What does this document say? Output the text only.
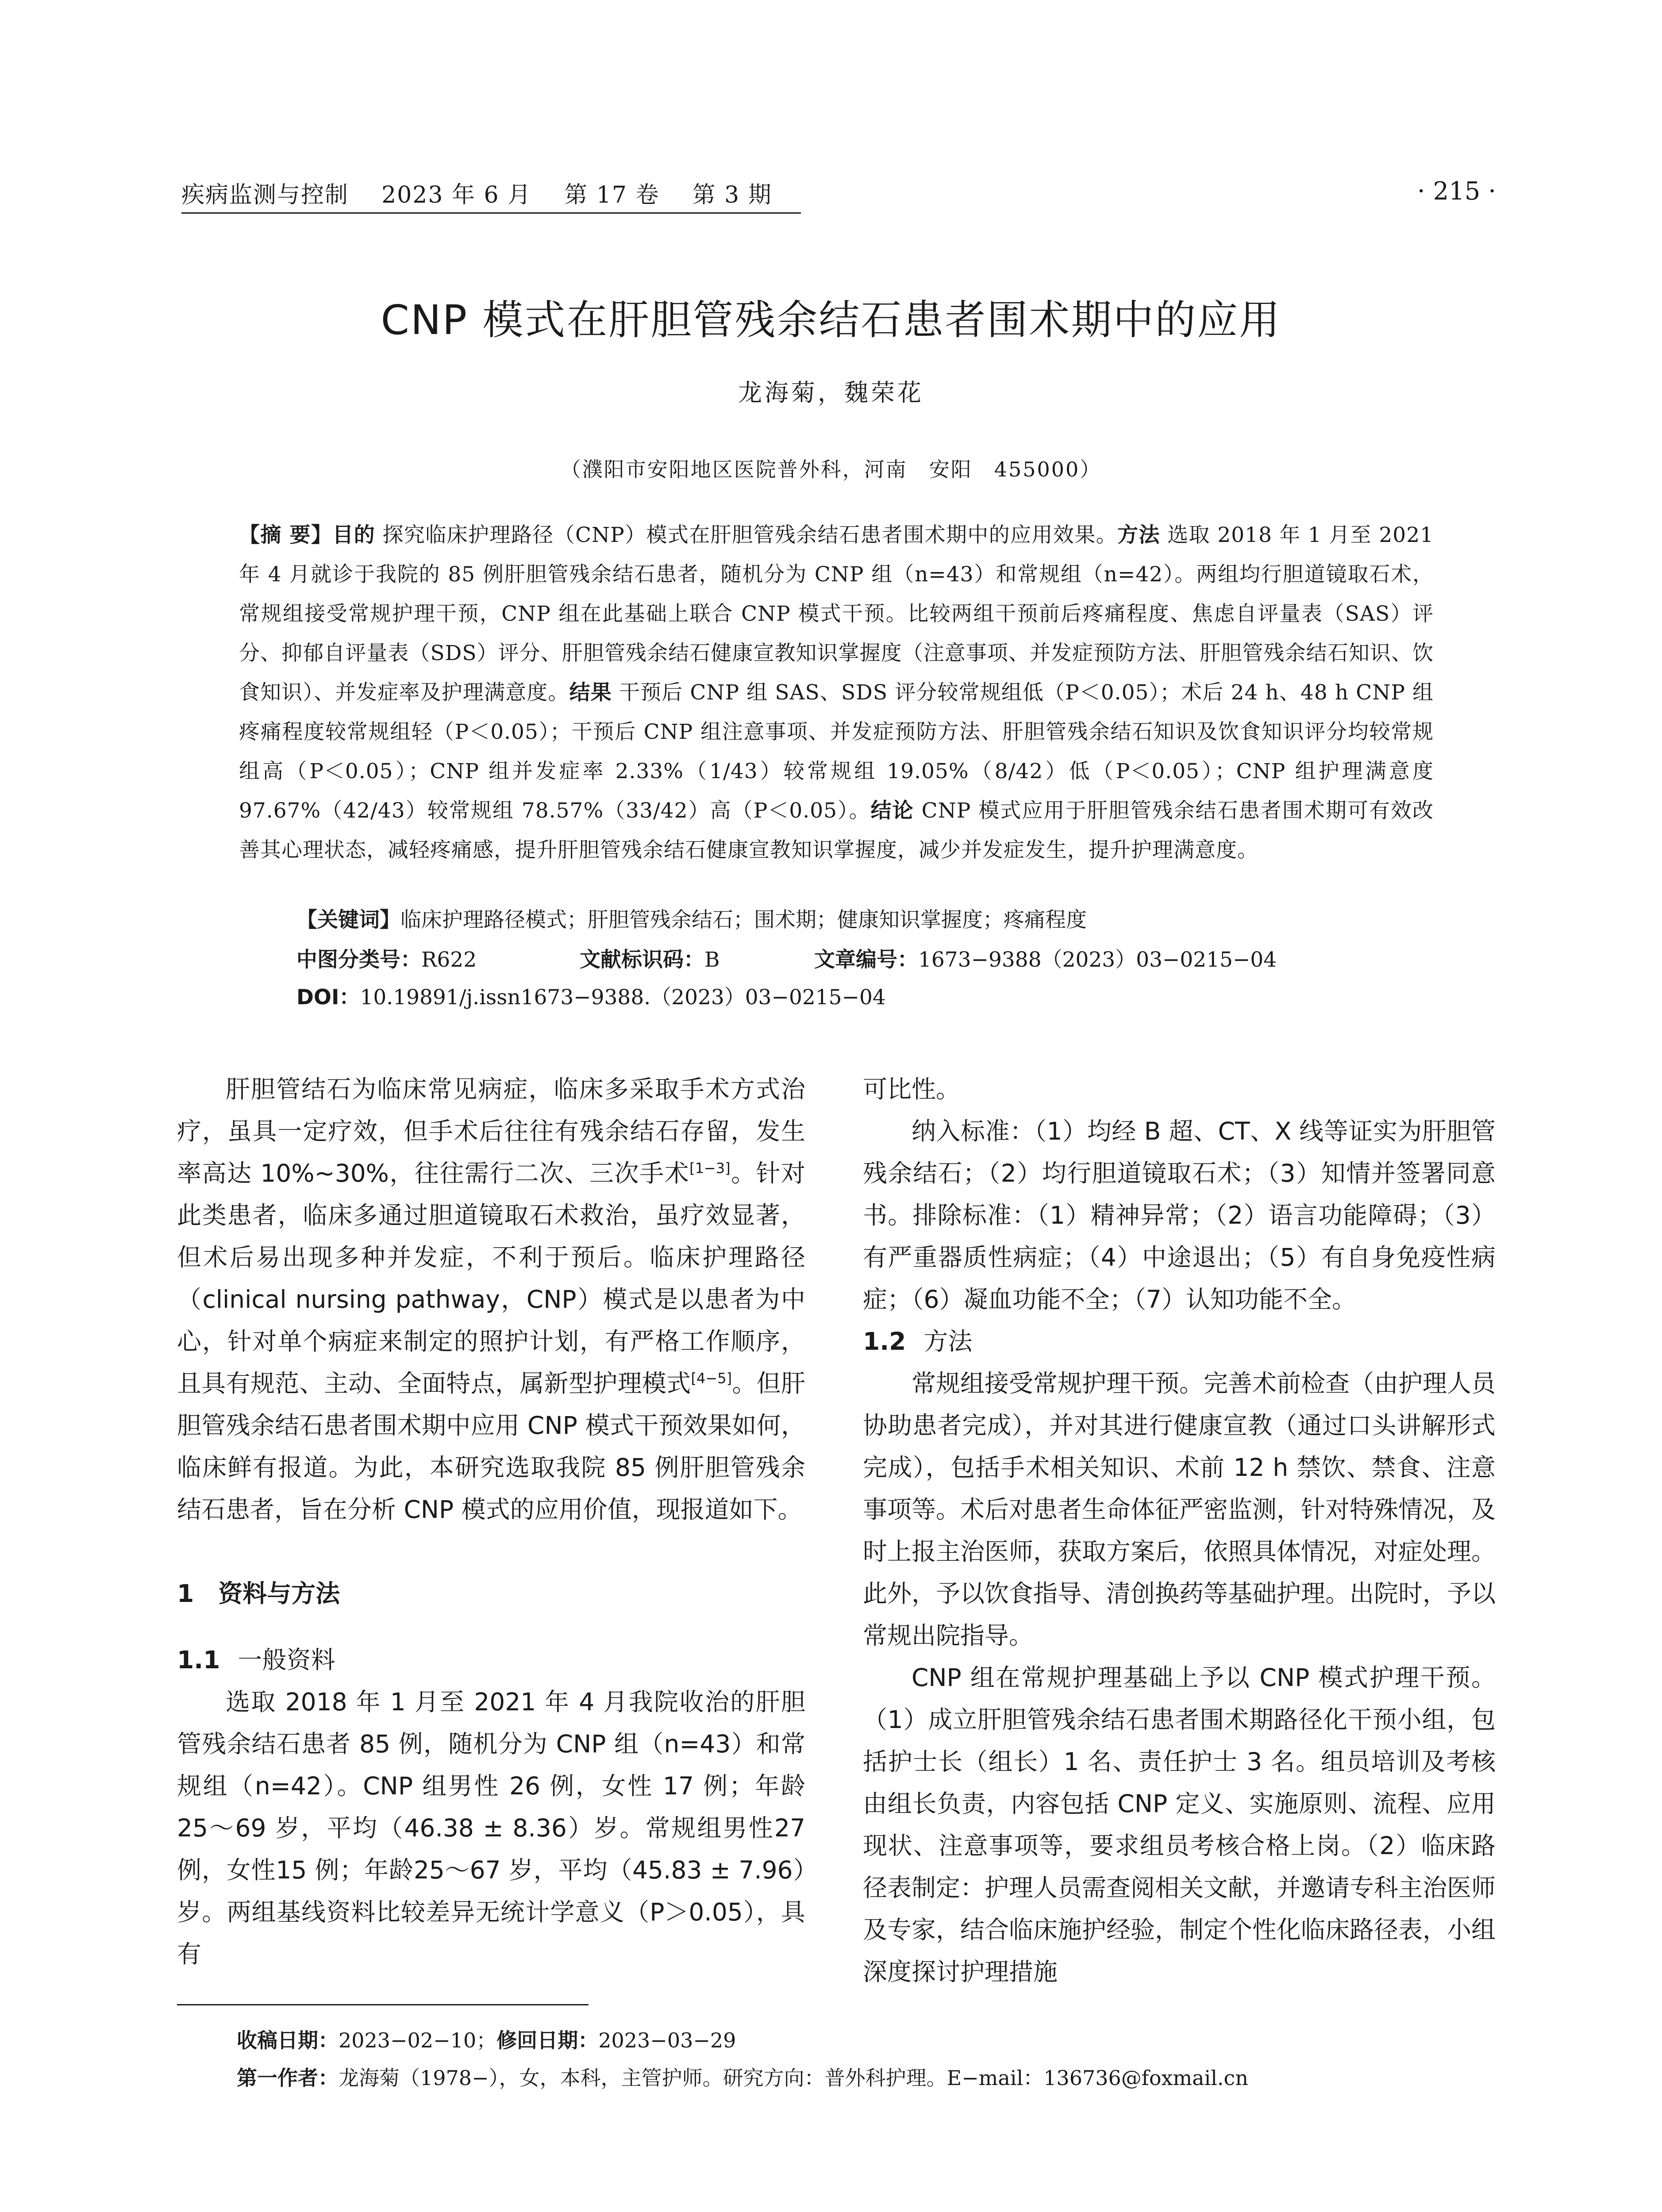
疾病监测与控制 2023 年 6 月 第 17 卷 第 3 期	· 215 ·
CNP 模式在肝胆管残余结石患者围术期中的应用
龙海菊，魏荣花
（濮阳市安阳地区医院普外科，河南　安阳　455000）
【摘 要】目的 探究临床护理路径（CNP）模式在肝胆管残余结石患者围术期中的应用效果。方法 选取 2018 年 1 月至 2021 年 4 月就诊于我院的 85 例肝胆管残余结石患者，随机分为 CNP 组（n=43）和常规组（n=42）。两组均行胆道镜取石术，常规组接受常规护理干预，CNP 组在此基础上联合 CNP 模式干预。比较两组干预前后疼痛程度、焦虑自评量表（SAS）评分、抑郁自评量表（SDS）评分、肝胆管残余结石健康宣教知识掌握度（注意事项、并发症预防方法、肝胆管残余结石知识、饮食知识）、并发症率及护理满意度。结果 干预后 CNP 组 SAS、SDS 评分较常规组低（P＜0.05）；术后 24 h、48 h CNP 组疼痛程度较常规组轻（P＜0.05）；干预后 CNP 组注意事项、并发症预防方法、肝胆管残余结石知识及饮食知识评分均较常规组高（P＜0.05）；CNP 组并发症率 2.33%（1/43）较常规组 19.05%（8/42）低（P＜0.05）；CNP 组护理满意度 97.67%（42/43）较常规组 78.57%（33/42）高（P＜0.05）。结论 CNP 模式应用于肝胆管残余结石患者围术期可有效改善其心理状态，减轻疼痛感，提升肝胆管残余结石健康宣教知识掌握度，减少并发症发生，提升护理满意度。
【关键词】临床护理路径模式；肝胆管残余结石；围术期；健康知识掌握度；疼痛程度
中图分类号：R622	文献标识码：B	文章编号：1673−9388（2023）03−0215−04
DOI：10.19891/j.issn1673−9388.（2023）03−0215−04

肝胆管结石为临床常见病症，临床多采取手术方式治疗，虽具一定疗效，但手术后往往有残余结石存留，发生率高达 10%~30%，往往需行二次、三次手术[1−3]。针对此类患者，临床多通过胆道镜取石术救治，虽疗效显著，但术后易出现多种并发症，不利于预后。临床护理路径（clinical nursing pathway，CNP）模式是以患者为中心，针对单个病症来制定的照护计划，有严格工作顺序，且具有规范、主动、全面特点，属新型护理模式[4−5]。但肝胆管残余结石患者围术期中应用 CNP 模式干预效果如何，临床鲜有报道。为此，本研究选取我院 85 例肝胆管残余结石患者，旨在分析 CNP 模式的应用价值，现报道如下。

1　资料与方法
1.1 一般资料

选取 2018 年 1 月至 2021 年 4 月我院收治的肝胆管残余结石患者 85 例，随机分为 CNP 组（n=43）和常规组（n=42）。CNP 组男性 26 例，女性 17 例；年龄 25～69 岁，平均（46.38 ± 8.36）岁。常规组男性27 例，女性15 例；年龄25～67 岁，平均（45.83 ± 7.96）岁。两组基线资料比较差异无统计学意义（P＞0.05），具有

可比性。

纳入标准：（1）均经 B 超、CT、X 线等证实为肝胆管残余结石；（2）均行胆道镜取石术；（3）知情并签署同意书。排除标准：（1）精神异常；（2）语言功能障碍；（3）有严重器质性病症；（4）中途退出；（5）有自身免疫性病症；（6）凝血功能不全；（7）认知功能不全。

1.2 方法

常规组接受常规护理干预。完善术前检查（由护理人员协助患者完成），并对其进行健康宣教（通过口头讲解形式完成），包括手术相关知识、术前 12 h 禁饮、禁食、注意事项等。术后对患者生命体征严密监测，针对特殊情况，及时上报主治医师，获取方案后，依照具体情况，对症处理。此外，予以饮食指导、清创换药等基础护理。出院时，予以常规出院指导。

CNP 组在常规护理基础上予以 CNP 模式护理干预。（1）成立肝胆管残余结石患者围术期路径化干预小组，包括护士长（组长）1 名、责任护士 3 名。组员培训及考核由组长负责，内容包括 CNP 定义、实施原则、流程、应用现状、注意事项等，要求组员考核合格上岗。（2）临床路径表制定：护理人员需查阅相关文献，并邀请专科主治医师及专家，结合临床施护经验，制定个性化临床路径表，小组深度探讨护理措施

收稿日期：2023−02−10；修回日期：2023−03−29
第一作者：龙海菊（1978−），女，本科，主管护师。研究方向：普外科护理。E−mail：136736@foxmail.cn
